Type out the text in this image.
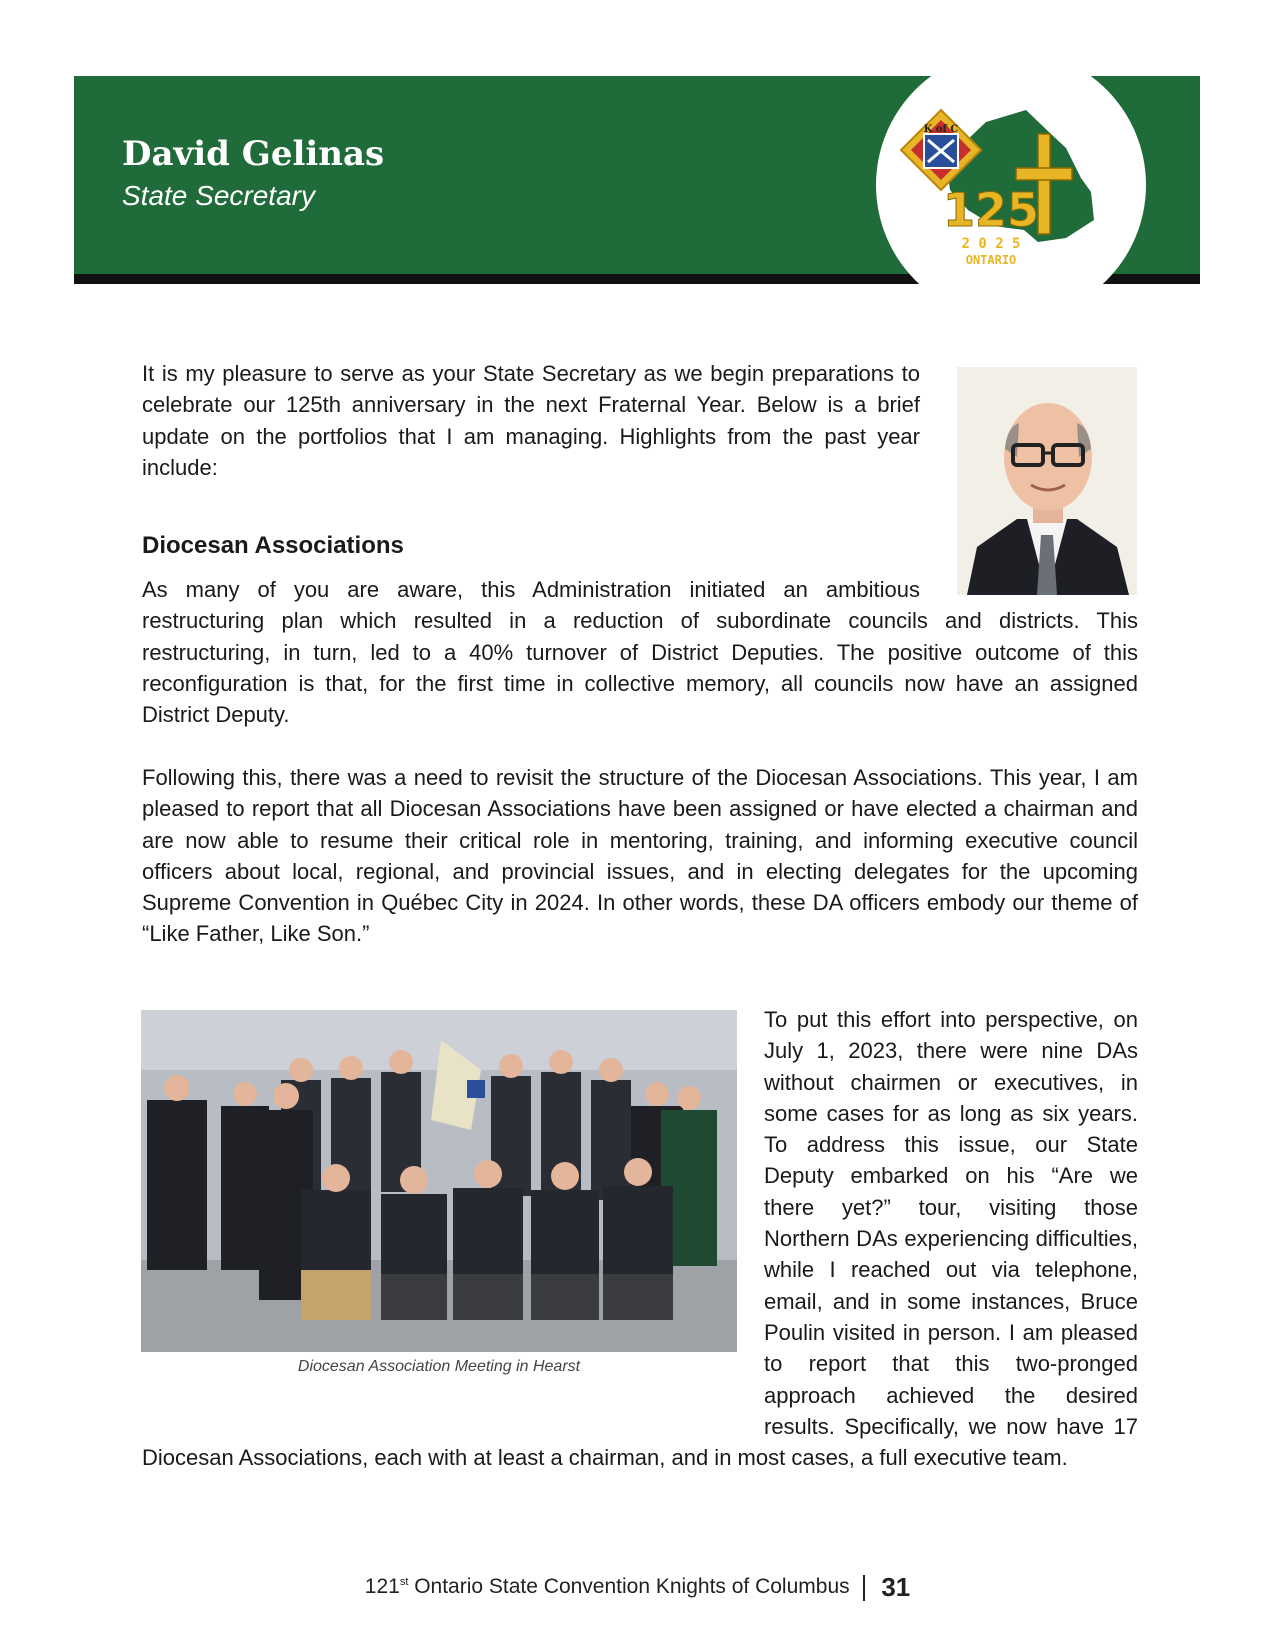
David Gelinas

State Secretary

K of C
125
2 0 2 5
ONTARIO

It is my pleasure to serve as your State Secretary as we begin preparations to celebrate our 125th anniversary in the next Fraternal Year. Below is a brief update on the portfolios that I am managing. Highlights from the past year include:

Diocesan Associations

As many of you are aware, this Administration initiated an ambitious restructuring plan which resulted in a reduction of subordinate councils and districts. This restructuring, in turn, led to a 40% turnover of District Deputies. The positive outcome of this reconfiguration is that, for the first time in collective memory, all councils now have an assigned District Deputy.

Following this, there was a need to revisit the structure of the Diocesan Associations. This year, I am pleased to report that all Diocesan Associations have been assigned or have elected a chairman and are now able to resume their critical role in mentoring, training, and informing executive council officers about local, regional, and provincial issues, and in electing delegates for the upcoming Supreme Convention in Québec City in 2024. In other words, these DA officers embody our theme of “Like Father, Like Son.”

To put this effort into perspective, on July 1, 2023, there were nine DAs without chairmen or executives, in some cases for as long as six years. To address this issue, our State Deputy embarked on his “Are we there yet?” tour, visiting those Northern DAs experiencing difficulties, while I reached out via telephone, email, and in some instances, Bruce Poulin visited in person. I am pleased to report that this two-pronged approach achieved the desired results. Specifically, we now have 17 Diocesan Associations, each with at least a chairman, and in most cases, a full executive team.

Diocesan Association Meeting in Hearst

121st Ontario State Convention Knights of Columbus 31
